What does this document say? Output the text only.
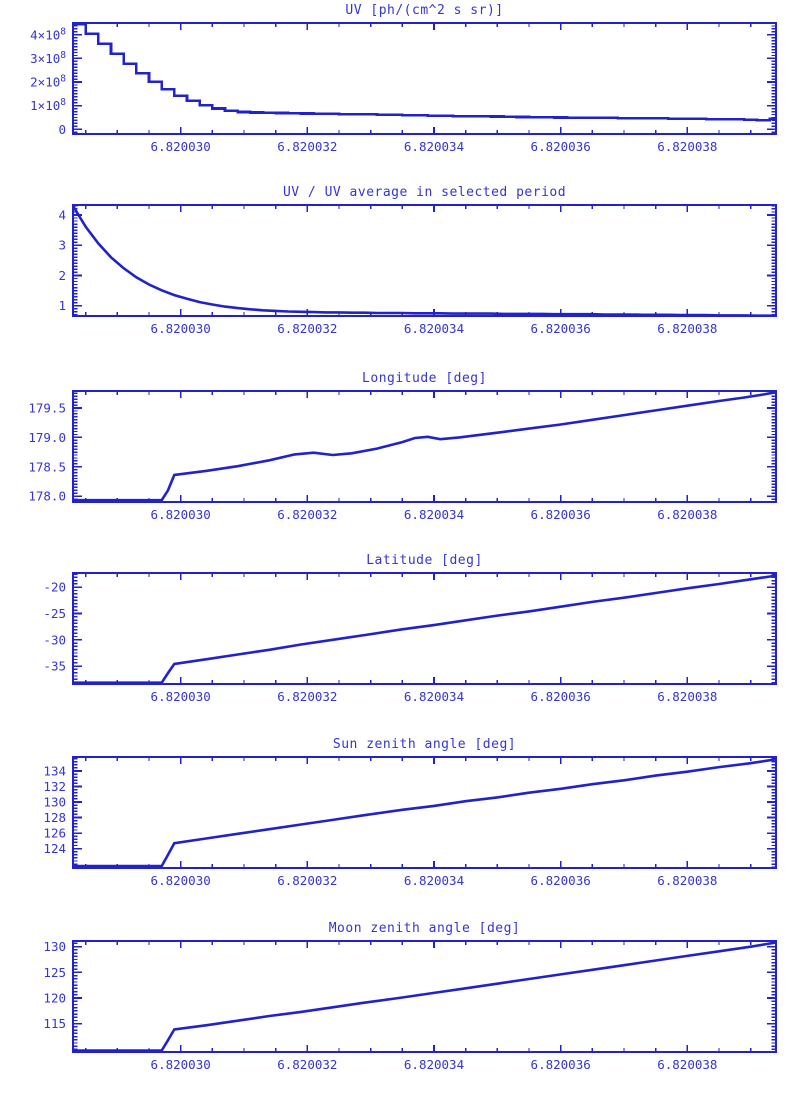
UV [ph/(cm^2 s sr)]
6.820030	6.820032	6.820034	6.820036	6.820038
0
$1\times 10^8$
$2\times 10^8$
$3\times 10^8$
$4\times 10^8$
UV / UV average in selected period
6.820030	6.820032	6.820034	6.820036	6.820038
1
2
3
4
Longitude [deg]
6.820030	6.820032	6.820034	6.820036	6.820038
178.0
178.5
179.0
179.5
Latitude [deg]
6.820030	6.820032	6.820034	6.820036	6.820038
-35
-30
-25
-20
Sun zenith angle [deg]
6.820030	6.820032	6.820034	6.820036	6.820038
124
126
128
130
132
134
Moon zenith angle [deg]
6.820030	6.820032	6.820034	6.820036	6.820038
115
120
125
130
